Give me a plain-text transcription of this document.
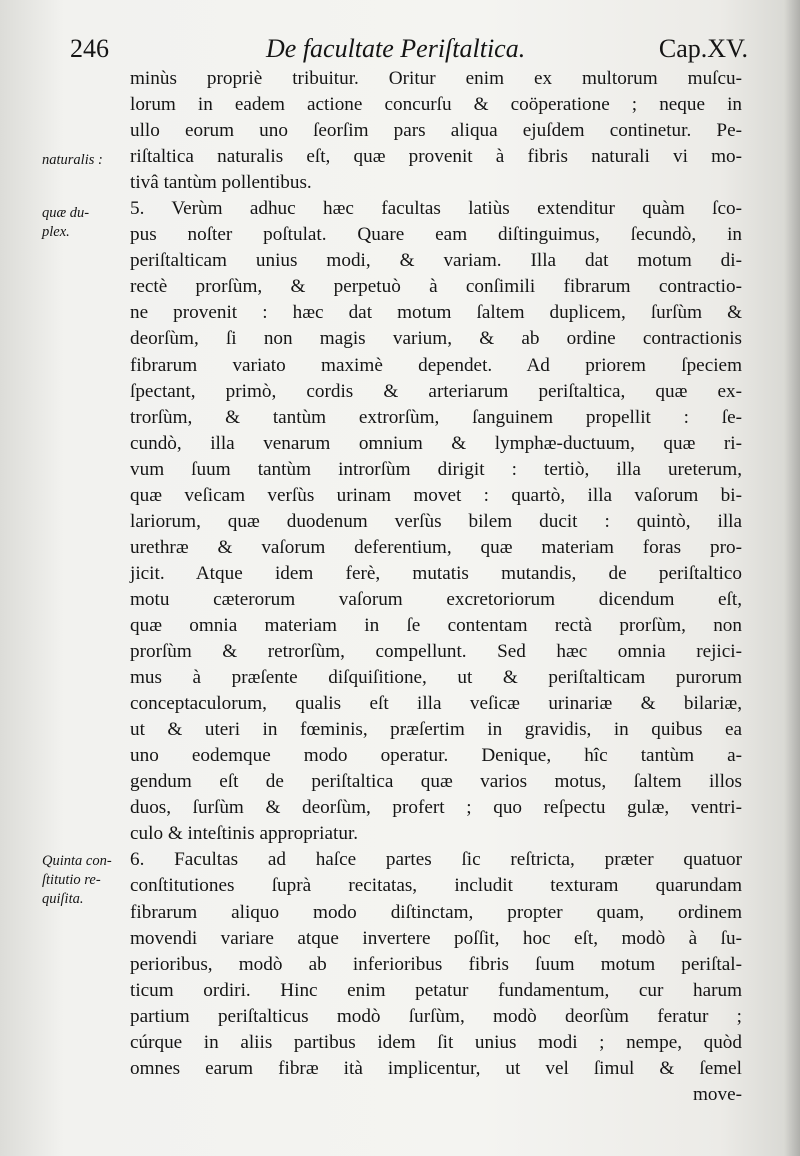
246	De facultate Periſtaltica.	Cap.XV.
naturalis :
quæ du-
plex.
Quinta con-
ſtitutio re-
quiſita.
minùs propriè tribuitur. Oritur enim ex multorum muſcu-
lorum in eadem actione concurſu & coöperatione ; neque in
ullo eorum uno ſeorſim pars aliqua ejuſdem continetur. Pe-
riſtaltica naturalis eſt, quæ provenit à fibris naturali vi mo-
tivâ tantùm pollentibus.
5. Verùm adhuc hæc facultas latiùs extenditur quàm ſco-
pus noſter poſtulat. Quare eam diſtinguimus, ſecundò, in
periſtalticam unius modi, & variam. Illa dat motum di-
rectè prorſùm, & perpetuò à conſimili fibrarum contractio-
ne provenit : hæc dat motum ſaltem duplicem, ſurſùm &
deorſùm, ſi non magis varium, & ab ordine contractionis
fibrarum variato maximè dependet. Ad priorem ſpeciem
ſpectant, primò, cordis & arteriarum periſtaltica, quæ ex-
trorſùm, & tantùm extrorſùm, ſanguinem propellit : ſe-
cundò, illa venarum omnium & lymphæ-ductuum, quæ ri-
vum ſuum tantùm introrſùm dirigit : tertiò, illa ureterum,
quæ veſicam verſùs urinam movet : quartò, illa vaſorum bi-
lariorum, quæ duodenum verſùs bilem ducit : quintò, illa
urethræ & vaſorum deferentium, quæ materiam foras pro-
jicit. Atque idem ferè, mutatis mutandis, de periſtaltico
motu cæterorum vaſorum excretoriorum dicendum eſt,
quæ omnia materiam in ſe contentam rectà prorſùm, non
prorſùm & retrorſùm, compellunt. Sed hæc omnia rejici-
mus à præſente diſquiſitione, ut & periſtalticam purorum
conceptaculorum, qualis eſt illa veſicæ urinariæ & bilariæ,
ut & uteri in fœminis, præſertim in gravidis, in quibus ea
uno eodemque modo operatur. Denique, hîc tantùm a-
gendum eſt de periſtaltica quæ varios motus, ſaltem illos
duos, ſurſùm & deorſùm, profert ; quo reſpectu gulæ, ventri-
culo & inteſtinis appropriatur.
6. Facultas ad haſce partes ſic reſtricta, præter quatuor
conſtitutiones ſuprà recitatas, includit texturam quarundam
fibrarum aliquo modo diſtinctam, propter quam, ordinem
movendi variare atque invertere poſſit, hoc eſt, modò à ſu-
perioribus, modò ab inferioribus fibris ſuum motum periſtal-
ticum ordiri. Hinc enim petatur fundamentum, cur harum
partium periſtalticus modò ſurſùm, modò deorſùm feratur ;
cúrque in aliis partibus idem ſit unius modi ; nempe, quòd
omnes earum fibræ ità implicentur, ut vel ſimul & ſemel
move-
